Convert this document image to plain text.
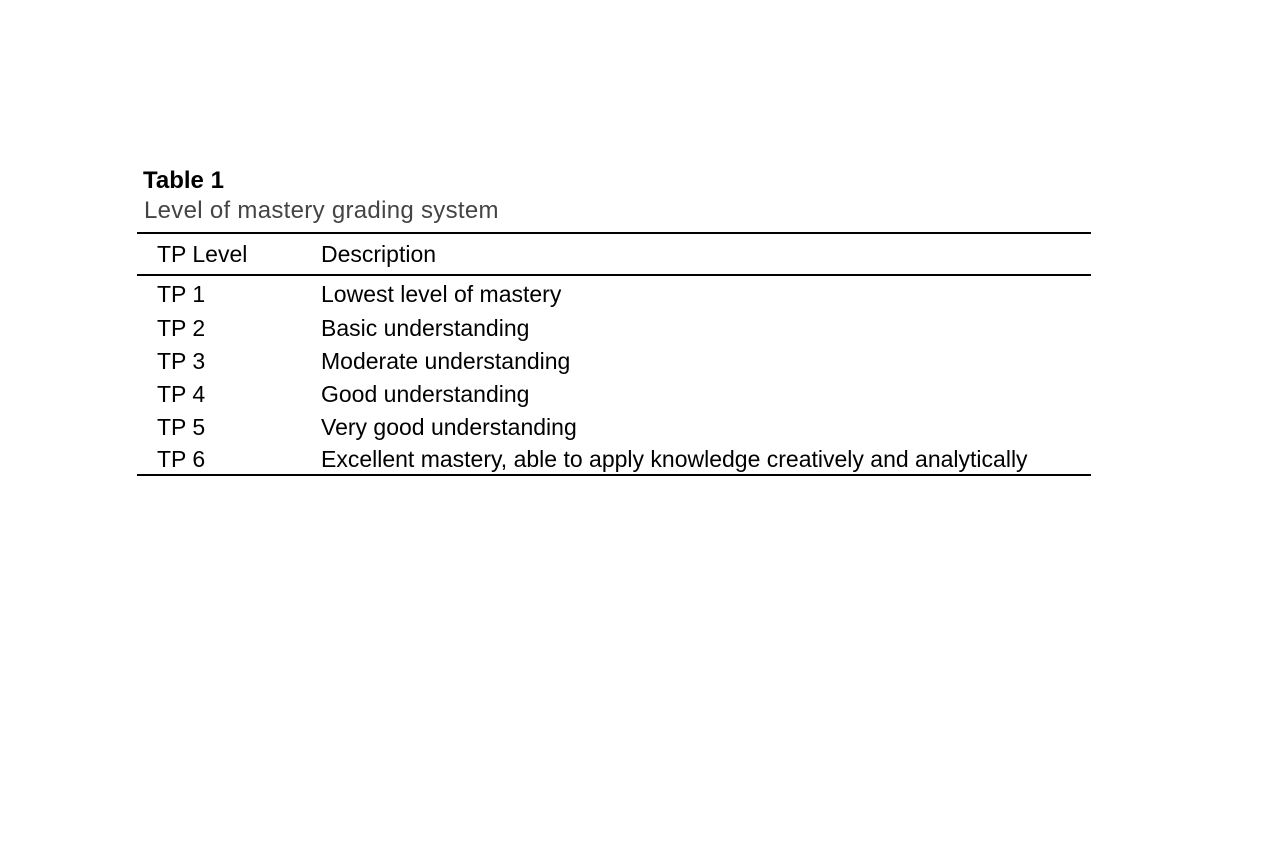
Table 1
Level of mastery grading system
TP Level	Description
TP 1	Lowest level of mastery
TP 2	Basic understanding
TP 3	Moderate understanding
TP 4	Good understanding
TP 5	Very good understanding
TP 6	Excellent mastery, able to apply knowledge creatively and analytically
